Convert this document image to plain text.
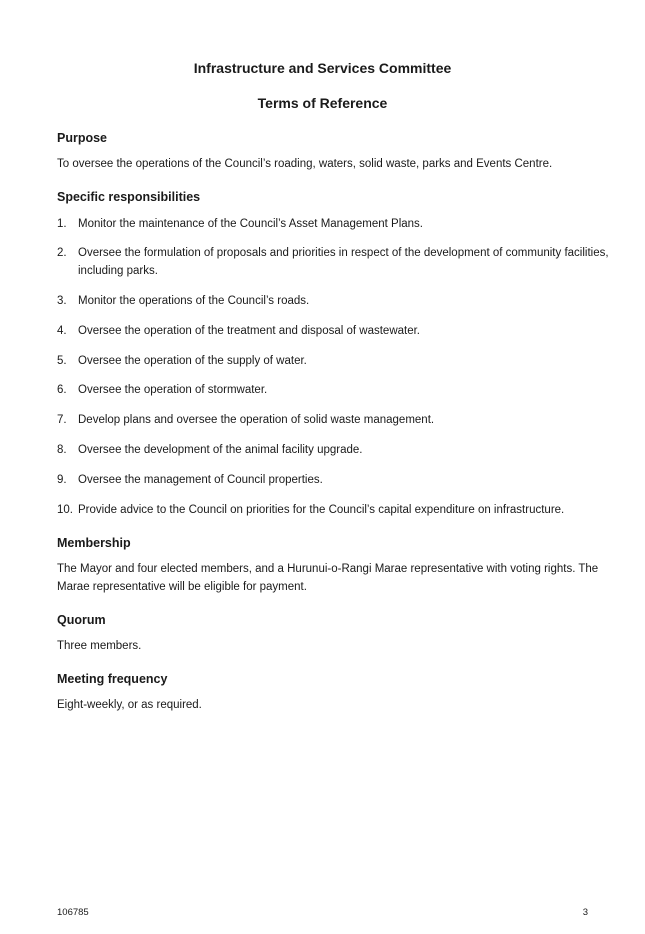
Infrastructure and Services Committee
Terms of Reference
Purpose
To oversee the operations of the Council’s roading, waters, solid waste, parks and Events Centre.
Specific responsibilities
1. Monitor the maintenance of the Council’s Asset Management Plans.
2. Oversee the formulation of proposals and priorities in respect of the development of community facilities, including parks.
3. Monitor the operations of the Council’s roads.
4. Oversee the operation of the treatment and disposal of wastewater.
5. Oversee the operation of the supply of water.
6. Oversee the operation of stormwater.
7. Develop plans and oversee the operation of solid waste management.
8. Oversee the development of the animal facility upgrade.
9. Oversee the management of Council properties.
10. Provide advice to the Council on priorities for the Council’s capital expenditure on infrastructure.
Membership
The Mayor and four elected members, and a Hurunui-o-Rangi Marae representative with voting rights. The Marae representative will be eligible for payment.
Quorum
Three members.
Meeting frequency
Eight-weekly, or as required.
106785	3
